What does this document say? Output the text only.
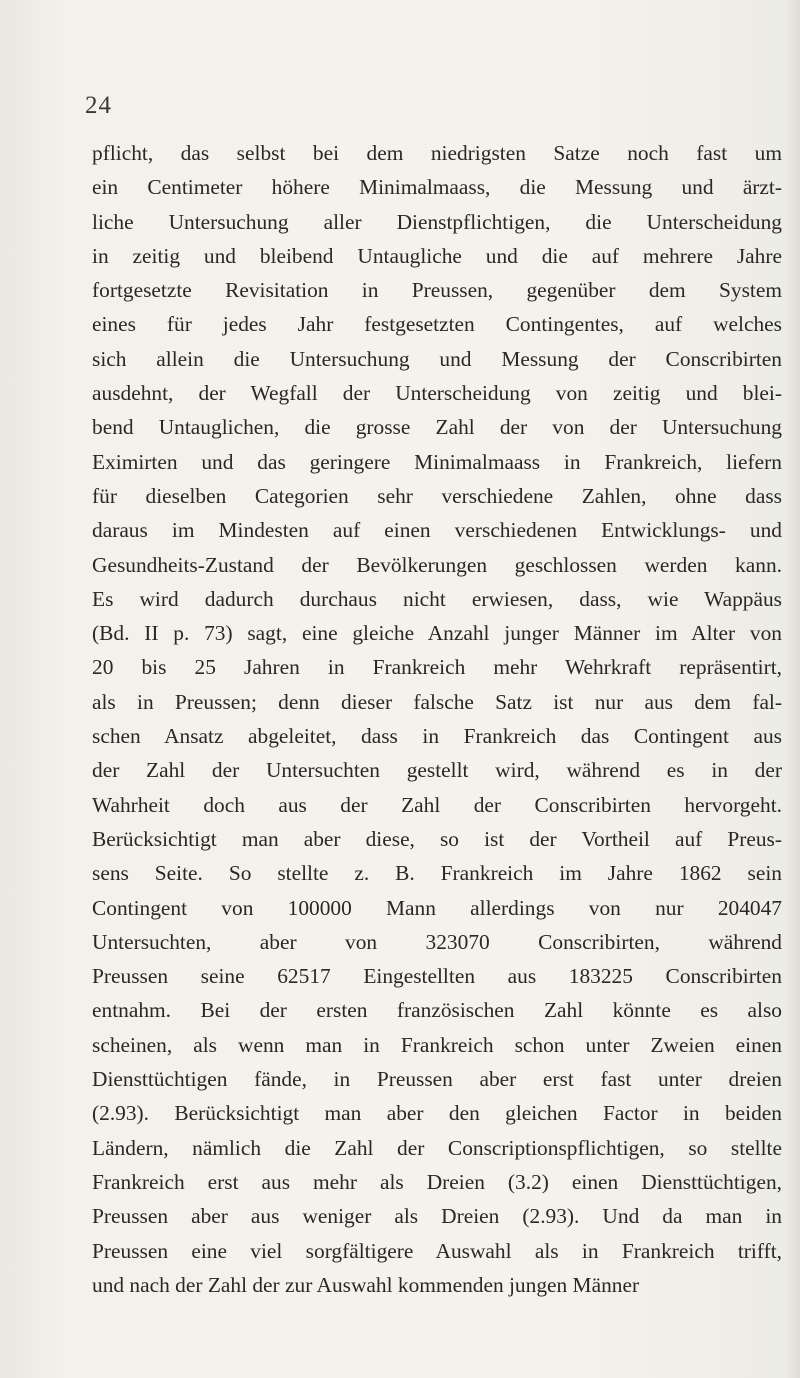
24
pflicht, das selbst bei dem niedrigsten Satze noch fast um
ein Centimeter höhere Minimalmaass, die Messung und ärzt-
liche Untersuchung aller Dienstpflichtigen, die Unterscheidung
in zeitig und bleibend Untaugliche und die auf mehrere Jahre
fortgesetzte Revisitation in Preussen, gegenüber dem System
eines für jedes Jahr festgesetzten Contingentes, auf welches
sich allein die Untersuchung und Messung der Conscribirten
ausdehnt, der Wegfall der Unterscheidung von zeitig und blei-
bend Untauglichen, die grosse Zahl der von der Untersuchung
Eximirten und das geringere Minimalmaass in Frankreich, liefern
für dieselben Categorien sehr verschiedene Zahlen, ohne dass
daraus im Mindesten auf einen verschiedenen Entwicklungs- und
Gesundheits-Zustand der Bevölkerungen geschlossen werden kann.
Es wird dadurch durchaus nicht erwiesen, dass, wie Wappäus
(Bd. II p. 73) sagt, eine gleiche Anzahl junger Männer im Alter von
20 bis 25 Jahren in Frankreich mehr Wehrkraft repräsentirt,
als in Preussen; denn dieser falsche Satz ist nur aus dem fal-
schen Ansatz abgeleitet, dass in Frankreich das Contingent aus
der Zahl der Untersuchten gestellt wird, während es in der
Wahrheit doch aus der Zahl der Conscribirten hervorgeht.
Berücksichtigt man aber diese, so ist der Vortheil auf Preus-
sens Seite. So stellte z. B. Frankreich im Jahre 1862 sein
Contingent von 100000 Mann allerdings von nur 204047
Untersuchten, aber von 323070 Conscribirten, während
Preussen seine 62517 Eingestellten aus 183225 Conscribirten
entnahm. Bei der ersten französischen Zahl könnte es also
scheinen, als wenn man in Frankreich schon unter Zweien einen
Diensttüchtigen fände, in Preussen aber erst fast unter dreien
(2.93). Berücksichtigt man aber den gleichen Factor in beiden
Ländern, nämlich die Zahl der Conscriptionspflichtigen, so stellte
Frankreich erst aus mehr als Dreien (3.2) einen Diensttüchtigen,
Preussen aber aus weniger als Dreien (2.93). Und da man in
Preussen eine viel sorgfältigere Auswahl als in Frankreich trifft,
und nach der Zahl der zur Auswahl kommenden jungen Männer
